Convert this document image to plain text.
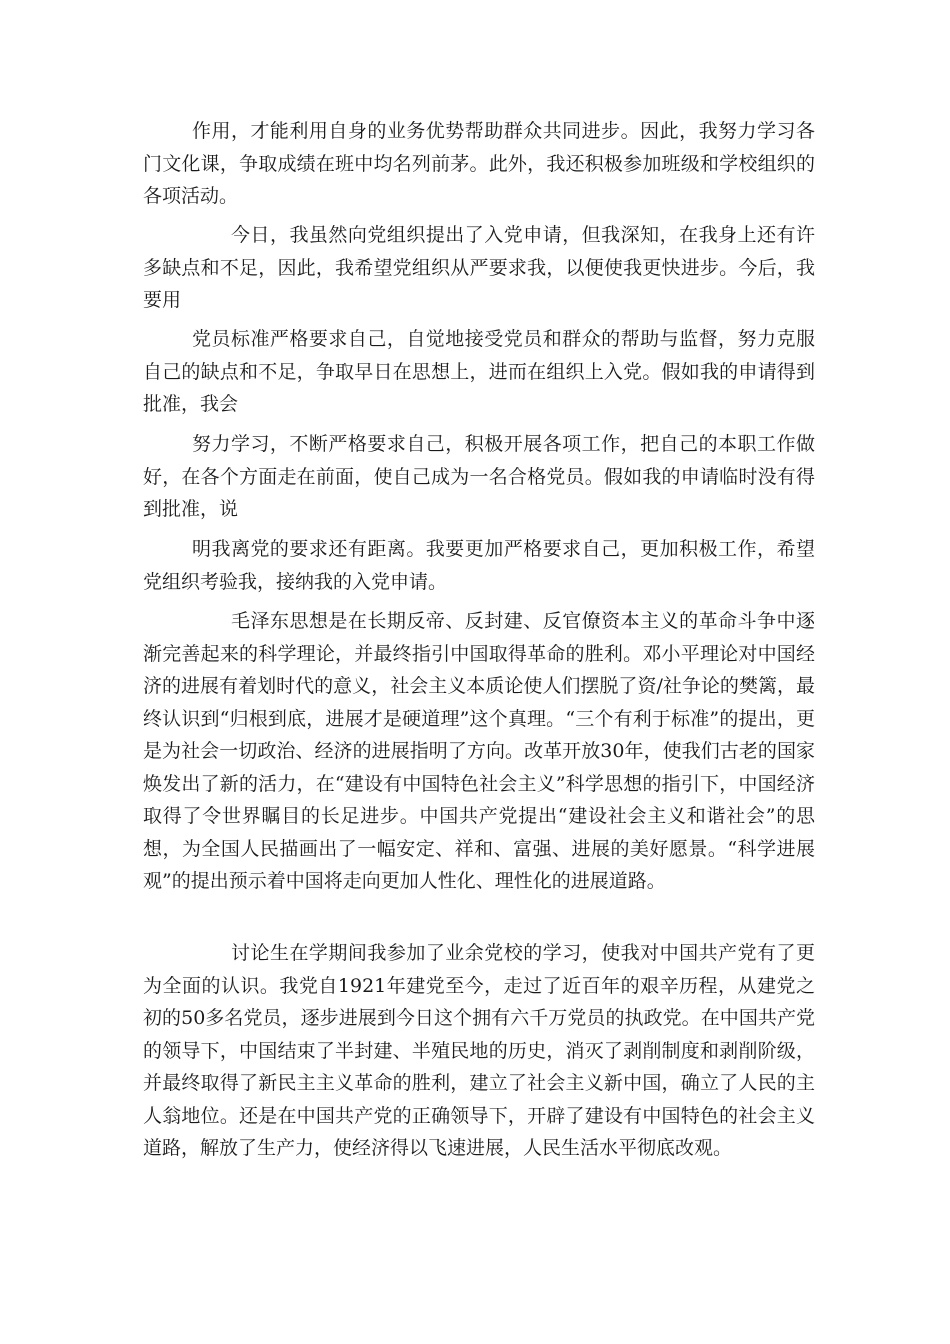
作用，才能利用自身的业务优势帮助群众共同进步。因此，我努力学习各门文化课，争取成绩在班中均名列前茅。此外，我还积极参加班级和学校组织的各项活动。

今日，我虽然向党组织提出了入党申请，但我深知，在我身上还有许多缺点和不足，因此，我希望党组织从严要求我，以便使我更快进步。今后，我要用

党员标准严格要求自己，自觉地接受党员和群众的帮助与监督，努力克服自己的缺点和不足，争取早日在思想上，进而在组织上入党。假如我的申请得到批准，我会

努力学习，不断严格要求自己，积极开展各项工作，把自己的本职工作做好，在各个方面走在前面，使自己成为一名合格党员。假如我的申请临时没有得到批准，说

明我离党的要求还有距离。我要更加严格要求自己，更加积极工作，希望党组织考验我，接纳我的入党申请。

毛泽东思想是在长期反帝、反封建、反官僚资本主义的革命斗争中逐渐完善起来的科学理论，并最终指引中国取得革命的胜利。邓小平理论对中国经济的进展有着划时代的意义，社会主义本质论使人们摆脱了资/社争论的樊篱，最终认识到“归根到底，进展才是硬道理”这个真理。“三个有利于标准”的提出，更是为社会一切政治、经济的进展指明了方向。改革开放30年，使我们古老的国家焕发出了新的活力，在“建设有中国特色社会主义”科学思想的指引下，中国经济取得了令世界瞩目的长足进步。中国共产党提出“建设社会主义和谐社会”的思想，为全国人民描画出了一幅安定、祥和、富强、进展的美好愿景。“科学进展观”的提出预示着中国将走向更加人性化、理性化的进展道路。

讨论生在学期间我参加了业余党校的学习，使我对中国共产党有了更为全面的认识。我党自1921年建党至今，走过了近百年的艰辛历程，从建党之初的50多名党员，逐步进展到今日这个拥有六千万党员的执政党。在中国共产党的领导下，中国结束了半封建、半殖民地的历史，消灭了剥削制度和剥削阶级，并最终取得了新民主主义革命的胜利，建立了社会主义新中国，确立了人民的主人翁地位。还是在中国共产党的正确领导下，开辟了建设有中国特色的社会主义道路，解放了生产力，使经济得以飞速进展，人民生活水平彻底改观。
